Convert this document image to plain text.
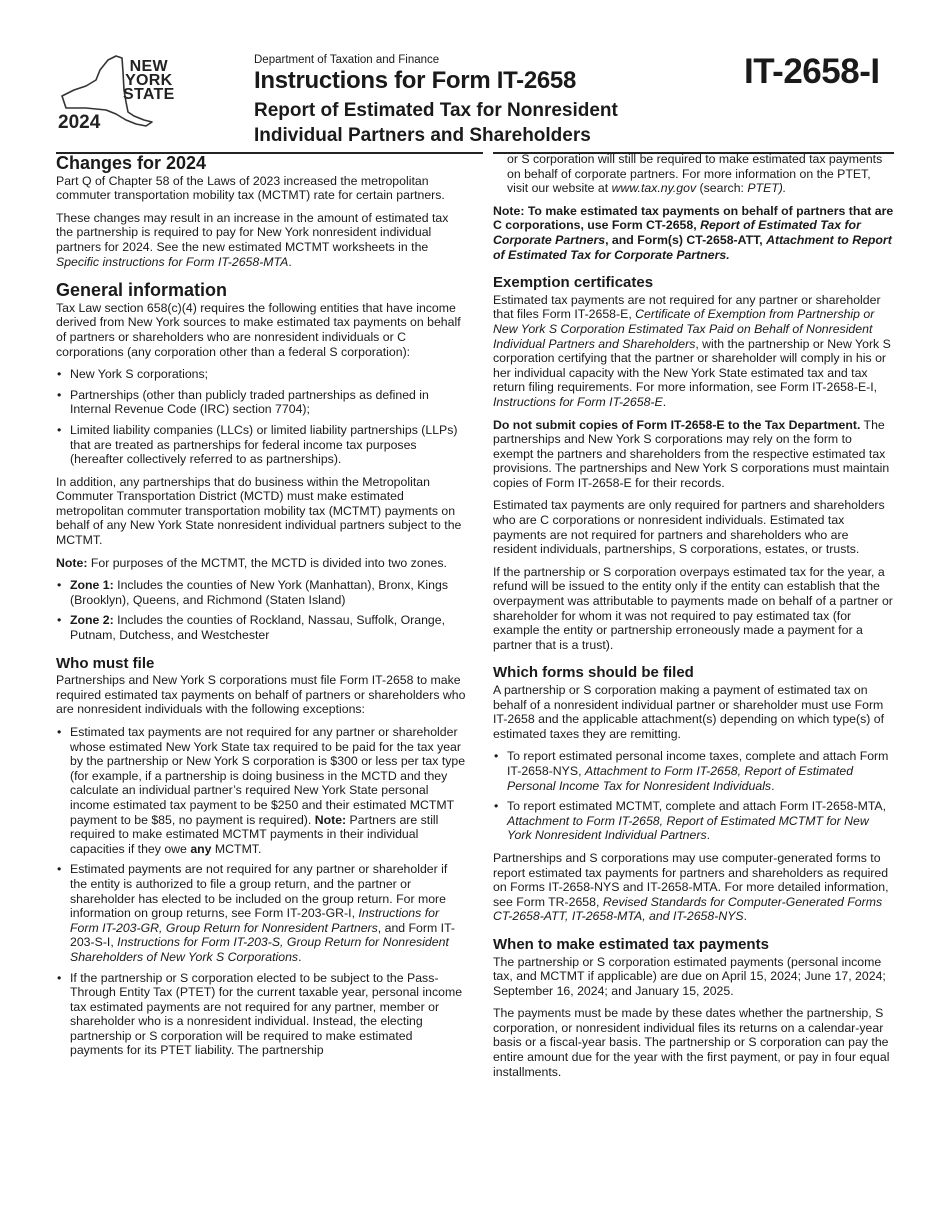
NEW
YORK
STATE
2024
Department of Taxation and Finance
Instructions for Form IT-2658
Report of Estimated Tax for Nonresident
Individual Partners and Shareholders
IT-2658-I
Changes for 2024

Part Q of Chapter 58 of the Laws of 2023 increased the metropolitan commuter transportation mobility tax (MCTMT) rate for certain partners.

These changes may result in an increase in the amount of estimated tax the partnership is required to pay for New York nonresident individual partners for 2024. See the new estimated MCTMT worksheets in the Specific instructions for Form IT-2658-MTA.

General information

Tax Law section 658(c)(4) requires the following entities that have income derived from New York sources to make estimated tax payments on behalf of partners or shareholders who are nonresident individuals or C corporations (any corporation other than a federal S corporation):

• New York S corporations;
• Partnerships (other than publicly traded partnerships as defined in Internal Revenue Code (IRC) section 7704);
• Limited liability companies (LLCs) or limited liability partnerships (LLPs) that are treated as partnerships for federal income tax purposes (hereafter collectively referred to as partnerships).

In addition, any partnerships that do business within the Metropolitan Commuter Transportation District (MCTD) must make estimated metropolitan commuter transportation mobility tax (MCTMT) payments on behalf of any New York State nonresident individual partners subject to the MCTMT.

Note: For purposes of the MCTMT, the MCTD is divided into two zones.

• Zone 1: Includes the counties of New York (Manhattan), Bronx, Kings (Brooklyn), Queens, and Richmond (Staten Island)
• Zone 2: Includes the counties of Rockland, Nassau, Suffolk, Orange, Putnam, Dutchess, and Westchester
Who must file

Partnerships and New York S corporations must file Form IT-2658 to make required estimated tax payments on behalf of partners or shareholders who are nonresident individuals with the following exceptions:

• Estimated tax payments are not required for any partner or shareholder whose estimated New York State tax required to be paid for the tax year by the partnership or New York S corporation is $300 or less per tax type (for example, if a partnership is doing business in the MCTD and they calculate an individual partner’s required New York State personal income estimated tax payment to be $250 and their estimated MCTMT payment to be $85, no payment is required). Note: Partners are still required to make estimated MCTMT payments in their individual capacities if they owe any MCTMT.
• Estimated payments are not required for any partner or shareholder if the entity is authorized to file a group return, and the partner or shareholder has elected to be included on the group return. For more information on group returns, see Form IT-203-GR-I, Instructions for Form IT-203-GR, Group Return for Nonresident Partners, and Form IT-203-S-I, Instructions for Form IT-203-S, Group Return for Nonresident Shareholders of New York S Corporations.
• If the partnership or S corporation elected to be subject to the Pass-Through Entity Tax (PTET) for the current taxable year, personal income tax estimated payments are not required for any partner, member or shareholder who is a nonresident individual. Instead, the electing partnership or S corporation will be required to make estimated payments for its PTET liability. The partnership

or S corporation will still be required to make estimated tax payments on behalf of corporate partners. For more information on the PTET, visit our website at www.tax.ny.gov (search: PTET).

Note: To make estimated tax payments on behalf of partners that are C corporations, use Form CT-2658, Report of Estimated Tax for Corporate Partners, and Form(s) CT-2658-ATT, Attachment to Report of Estimated Tax for Corporate Partners.

Exemption certificates

Estimated tax payments are not required for any partner or shareholder that files Form IT-2658-E, Certificate of Exemption from Partnership or New York S Corporation Estimated Tax Paid on Behalf of Nonresident Individual Partners and Shareholders, with the partnership or New York S corporation certifying that the partner or shareholder will comply in his or her individual capacity with the New York State estimated tax and tax return filing requirements. For more information, see Form IT-2658-E-I, Instructions for Form IT-2658-E.

Do not submit copies of Form IT-2658-E to the Tax Department. The partnerships and New York S corporations may rely on the form to exempt the partners and shareholders from the respective estimated tax provisions. The partnerships and New York S corporations must maintain copies of Form IT-2658-E for their records.

Estimated tax payments are only required for partners and shareholders who are C corporations or nonresident individuals. Estimated tax payments are not required for partners and shareholders who are resident individuals, partnerships, S corporations, estates, or trusts.

If the partnership or S corporation overpays estimated tax for the year, a refund will be issued to the entity only if the entity can establish that the overpayment was attributable to payments made on behalf of a partner or shareholder for whom it was not required to pay estimated tax (for example the entity or partnership erroneously made a payment for a partner that is a trust).

Which forms should be filed

A partnership or S corporation making a payment of estimated tax on behalf of a nonresident individual partner or shareholder must use Form IT-2658 and the applicable attachment(s) depending on which type(s) of estimated taxes they are remitting.

• To report estimated personal income taxes, complete and attach Form IT-2658-NYS, Attachment to Form IT-2658, Report of Estimated Personal Income Tax for Nonresident Individuals.
• To report estimated MCTMT, complete and attach Form IT-2658-MTA, Attachment to Form IT-2658, Report of Estimated MCTMT for New York Nonresident Individual Partners.

Partnerships and S corporations may use computer-generated forms to report estimated tax payments for partners and shareholders as required on Forms IT-2658-NYS and IT-2658-MTA. For more detailed information, see Form TR-2658, Revised Standards for Computer-Generated Forms CT-2658-ATT, IT-2658-MTA, and IT-2658-NYS.

When to make estimated tax payments

The partnership or S corporation estimated payments (personal income tax, and MCTMT if applicable) are due on April 15, 2024; June 17, 2024; September 16, 2024; and January 15, 2025.

The payments must be made by these dates whether the partnership, S corporation, or nonresident individual files its returns on a calendar-year basis or a fiscal-year basis. The partnership or S corporation can pay the entire amount due for the year with the first payment, or pay in four equal installments.
